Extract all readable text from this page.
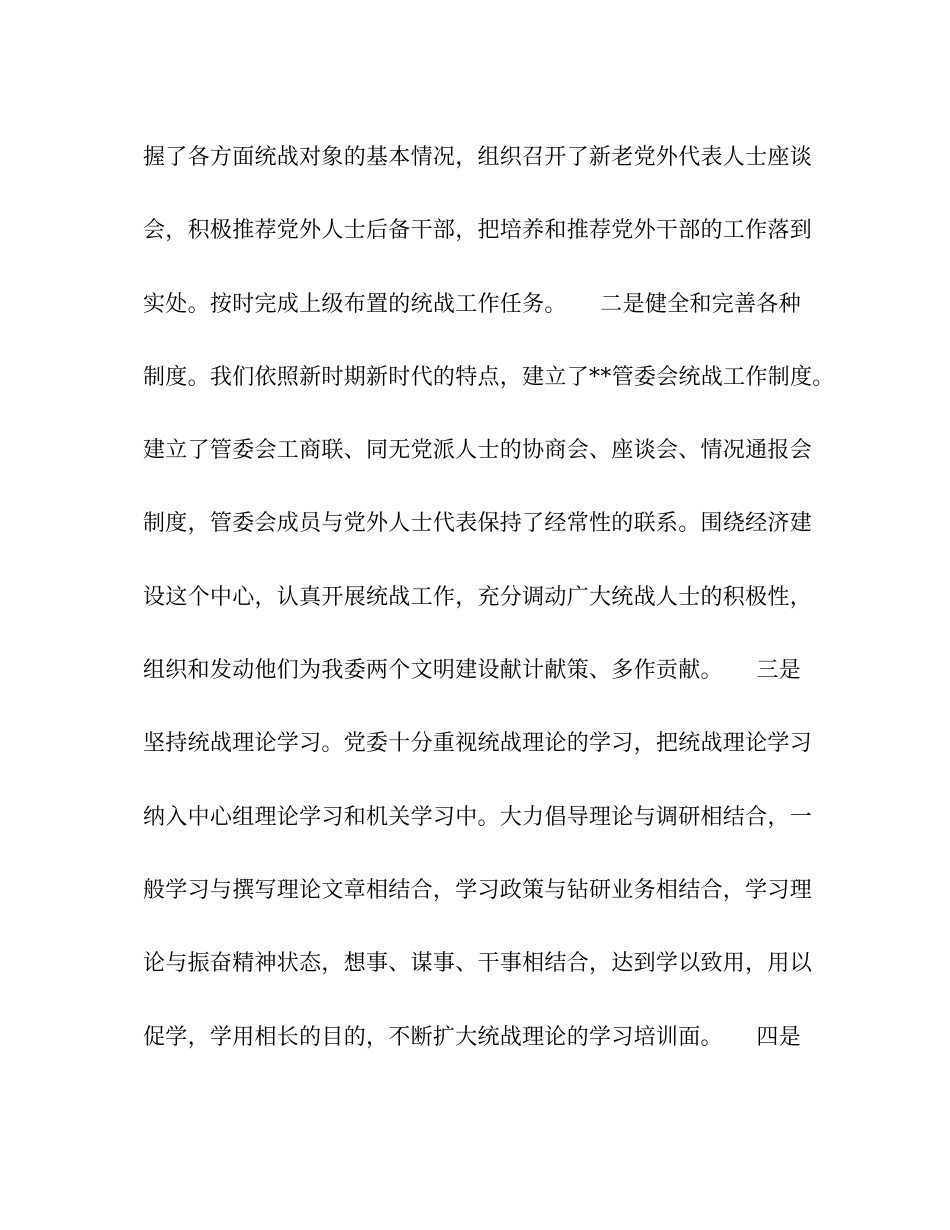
握了各方面统战对象的基本情况，组织召开了新老党外代表人士座谈
会，积极推荐党外人士后备干部，把培养和推荐党外干部的工作落到
实处。按时完成上级布置的统战工作任务。　　二是健全和完善各种
制度。我们依照新时期新时代的特点，建立了**管委会统战工作制度。
建立了管委会工商联、同无党派人士的协商会、座谈会、情况通报会
制度，管委会成员与党外人士代表保持了经常性的联系。围绕经济建
设这个中心，认真开展统战工作，充分调动广大统战人士的积极性，
组织和发动他们为我委两个文明建设献计献策、多作贡献。　　三是
坚持统战理论学习。党委十分重视统战理论的学习，把统战理论学习
纳入中心组理论学习和机关学习中。大力倡导理论与调研相结合，一
般学习与撰写理论文章相结合，学习政策与钻研业务相结合，学习理
论与振奋精神状态，想事、谋事、干事相结合，达到学以致用，用以
促学，学用相长的目的，不断扩大统战理论的学习培训面。　　四是
